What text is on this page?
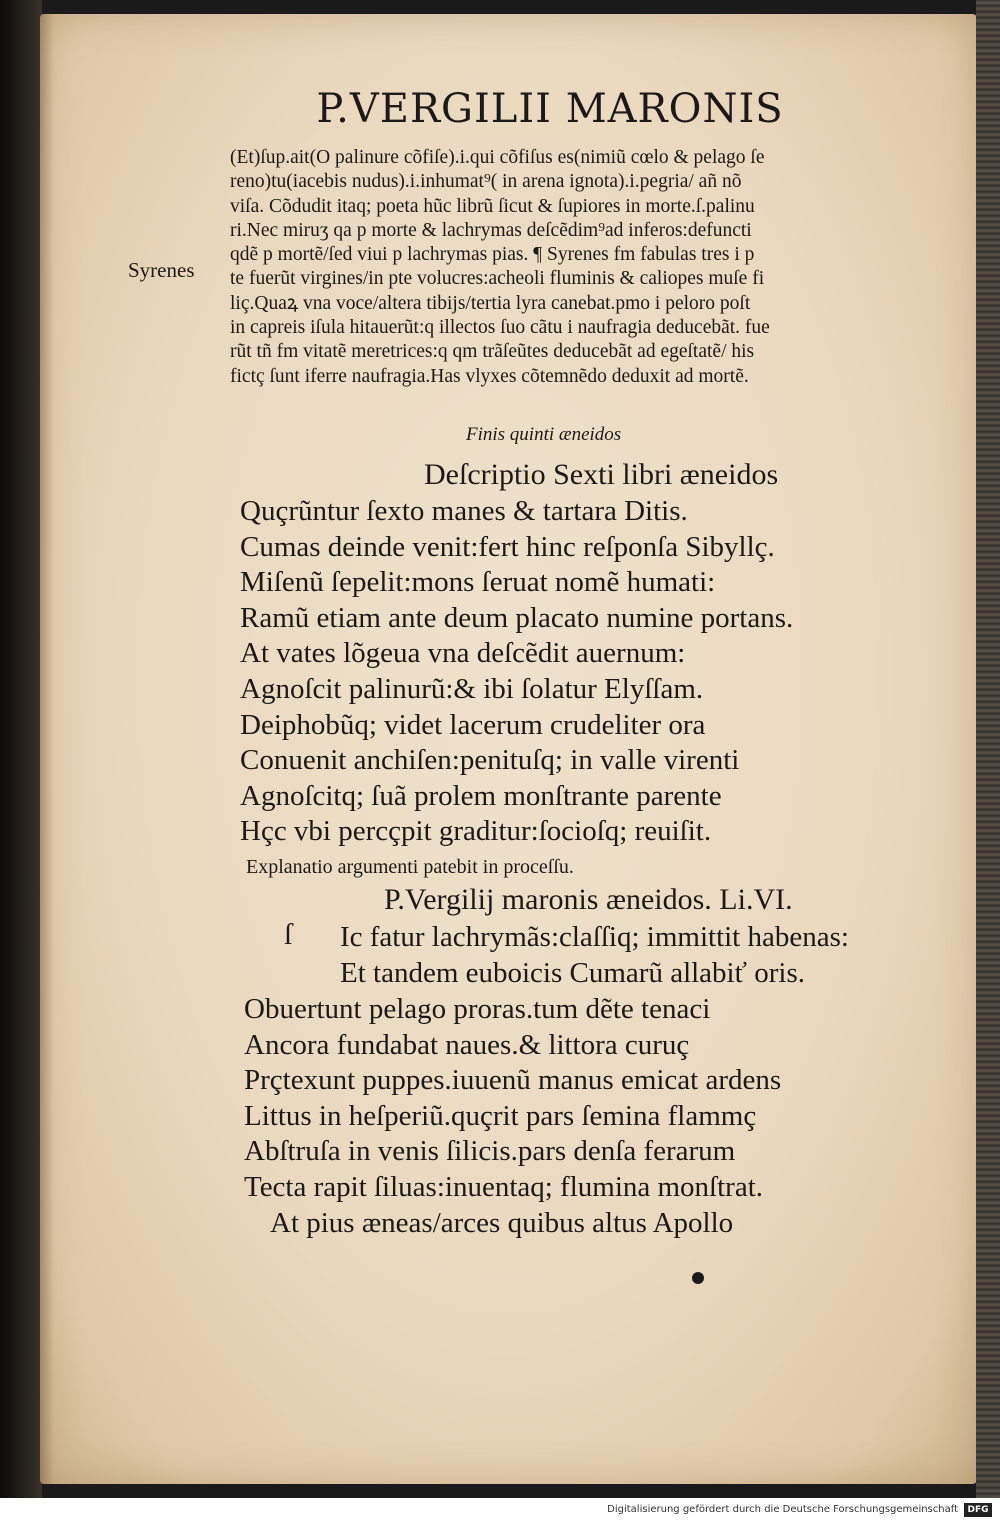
P.VERGILII MARONIS
Syrenes
(Et)ſup.ait(O palinure cõfiſe).i.qui cõfiſus es(nimiũ cœlo & pelago ſe
reno)tu(iacebis nudus).i.inhumat⁹( in arena ignota).i.pegria/ añ nõ
viſa. Cõdudit itaq; poeta hũc librũ ſicut & ſupiores in morte.ſ.palinu
ri.Nec miruʒ qa p morte & lachrymas deſcẽdim⁹ad inferos:defuncti
qdẽ p mortẽ/ſed viui p lachrymas pias. ¶ Syrenes fm fabulas tres i p
te fuerũt virgines/in pte volucres:acheoli fluminis & caliopes muſe fi
liç.Quaꝝ vna voce/altera tibijs/tertia lyra canebat.pmo i peloro poſt
in capreis iſula hitauerũt:q illectos ſuo cãtu i naufragia deducebãt. fue
rũt tñ fm vitatẽ meretrices:q qm trãſeũtes deducebãt ad egeſtatẽ/ his
fictç ſunt iferre naufragia.Has vlyxes cõtemnẽdo deduxit ad mortẽ.
Finis quinti æneidos
Deſcriptio Sexti libri æneidos
Quçrũntur ſexto manes & tartara Ditis.
Cumas deinde venit:fert hinc reſponſa Sibyllç.
Miſenũ ſepelit:mons ſeruat nomẽ humati:
Ramũ etiam ante deum placato numine portans.
At vates lõgeua vna deſcẽdit auernum:
Agnoſcit palinurũ:& ibi ſolatur Elyſſam.
Deiphobũq; videt lacerum crudeliter ora
Conuenit anchiſen:penituſq; in valle virenti
Agnoſcitq; ſuã prolem monſtrante parente
Hçc vbi percçpit graditur:ſocioſq; reuiſit.
Explanatio argumenti patebit in proceſſu.
P.Vergilij maronis æneidos. Li.VI.
ſ Ic fatur lachrymãs:claſſiq; immittit habenas:
Et tandem euboicis Cumarũ allabiť oris.
Obuertunt pelago proras.tum dẽte tenaci
Ancora fundabat naues.& littora curuç
Prçtexunt puppes.iuuenũ manus emicat ardens
Littus in heſperiũ.quçrit pars ſemina flammç
Abſtruſa in venis ſilicis.pars denſa ferarum
Tecta rapit ſiluas:inuentaq; flumina monſtrat.
At pius æneas/arces quibus altus Apollo
Digitalisierung gefördert durch die Deutsche Forschungsgemeinschaft	DFG
